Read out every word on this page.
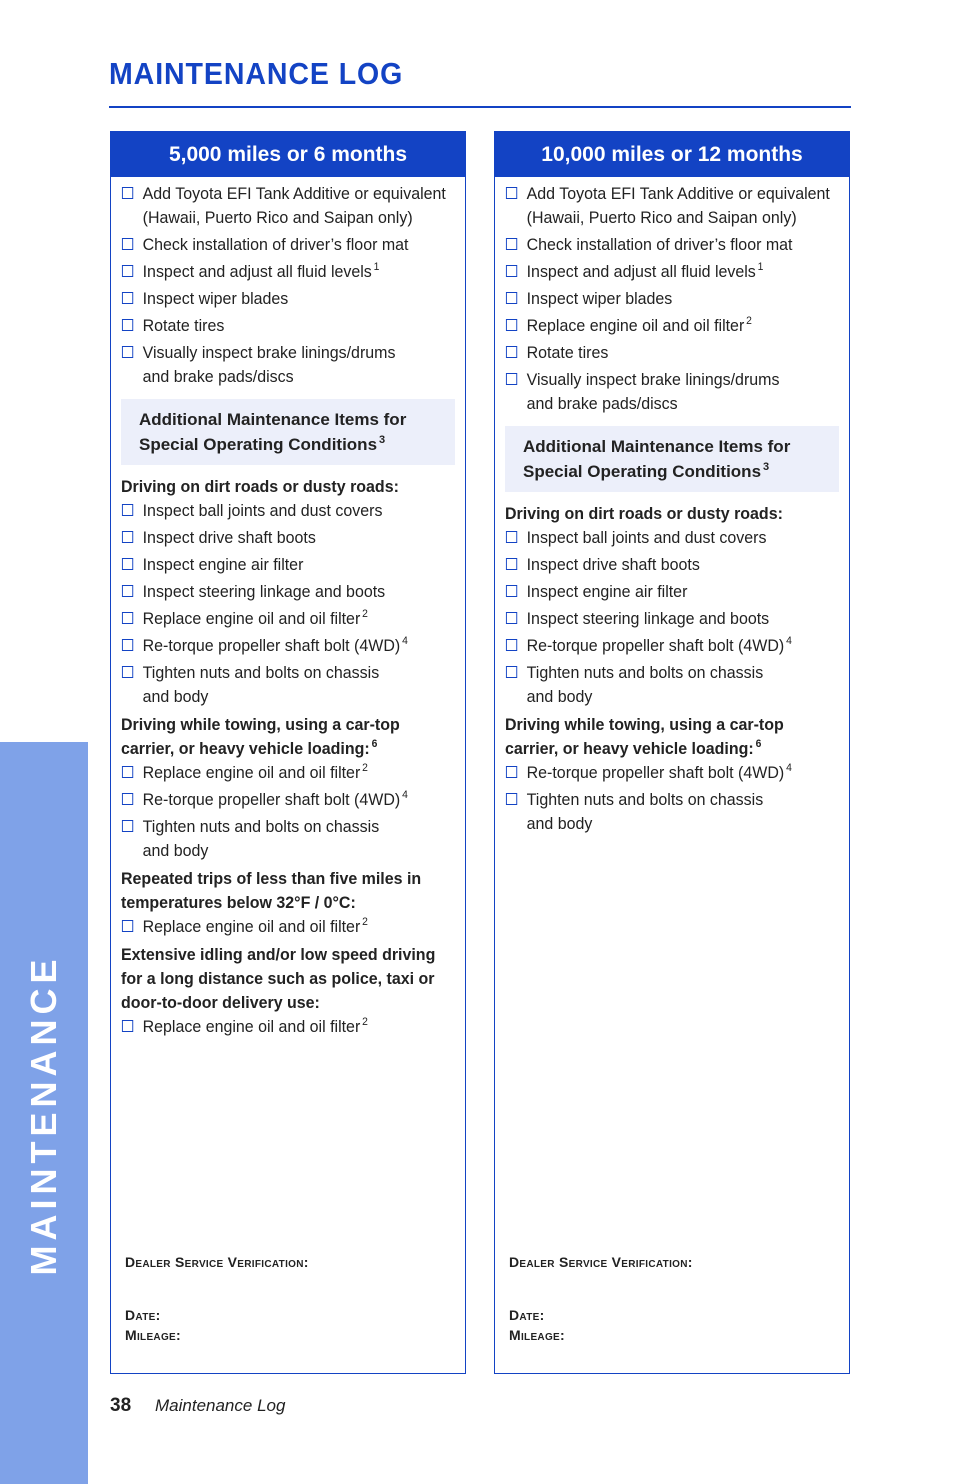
MAINTENANCE
MAINTENANCE LOG
5,000 miles or 6 months
Add Toyota EFI Tank Additive or equivalent
(Hawaii, Puerto Rico and Saipan only)
Check installation of driver’s floor mat
Inspect and adjust all fluid levels $^1$
Inspect wiper blades
Rotate tires
Visually inspect brake linings/drums
and brake pads/discs
Additional Maintenance Items for
Special Operating Conditions $^3$
Driving on dirt roads or dusty roads:
Inspect ball joints and dust covers
Inspect drive shaft boots
Inspect engine air filter
Inspect steering linkage and boots
Replace engine oil and oil filter $^2$
Re-torque propeller shaft bolt (4WD) $^4$
Tighten nuts and bolts on chassis
and body
Driving while towing, using a car-top carrier, or heavy vehicle loading: $^6$
Replace engine oil and oil filter $^2$
Re-torque propeller shaft bolt (4WD) $^4$
Tighten nuts and bolts on chassis
and body
Repeated trips of less than five miles in temperatures below 32°F / 0°C:
Replace engine oil and oil filter $^2$
Extensive idling and/or low speed driving for a long distance such as police, taxi or door-to-door delivery use:
Replace engine oil and oil filter $^2$
Dealer Service Verification:
Date:
Mileage:
10,000 miles or 12 months
Add Toyota EFI Tank Additive or equivalent
(Hawaii, Puerto Rico and Saipan only)
Check installation of driver’s floor mat
Inspect and adjust all fluid levels $^1$
Inspect wiper blades
Replace engine oil and oil filter $^2$
Rotate tires
Visually inspect brake linings/drums
and brake pads/discs
Additional Maintenance Items for
Special Operating Conditions $^3$
Driving on dirt roads or dusty roads:
Inspect ball joints and dust covers
Inspect drive shaft boots
Inspect engine air filter
Inspect steering linkage and boots
Re-torque propeller shaft bolt (4WD) $^4$
Tighten nuts and bolts on chassis
and body
Driving while towing, using a car-top carrier, or heavy vehicle loading: $^6$
Re-torque propeller shaft bolt (4WD) $^4$
Tighten nuts and bolts on chassis
and body
Dealer Service Verification:
Date:
Mileage:
38 Maintenance Log
